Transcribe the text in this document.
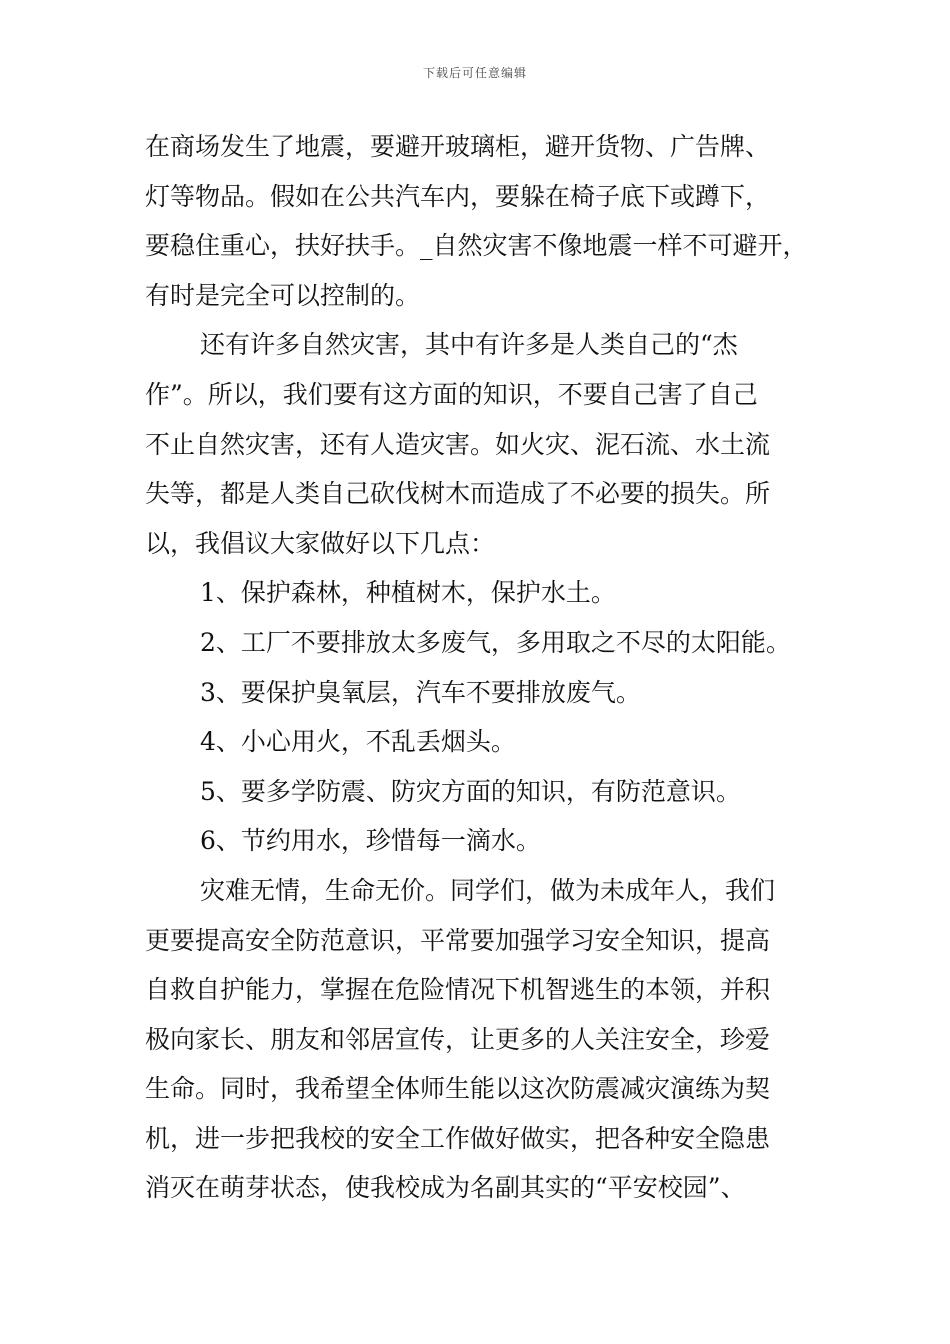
下载后可任意编辑
在商场发生了地震，要避开玻璃柜，避开货物、广告牌、
灯等物品。假如在公共汽车内，要躲在椅子底下或蹲下，
要稳住重心，扶好扶手。_自然灾害不像地震一样不可避开，
有时是完全可以控制的。
还有许多自然灾害，其中有许多是人类自己的“杰
作”。所以，我们要有这方面的知识，不要自己害了自己
不止自然灾害，还有人造灾害。如火灾、泥石流、水土流
失等，都是人类自己砍伐树木而造成了不必要的损失。所
以，我倡议大家做好以下几点：
1、保护森林，种植树木，保护水土。
2、工厂不要排放太多废气，多用取之不尽的太阳能。
3、要保护臭氧层，汽车不要排放废气。
4、小心用火，不乱丢烟头。
5、要多学防震、防灾方面的知识，有防范意识。
6、节约用水，珍惜每一滴水。
灾难无情，生命无价。同学们，做为未成年人，我们
更要提高安全防范意识，平常要加强学习安全知识，提高
自救自护能力，掌握在危险情况下机智逃生的本领，并积
极向家长、朋友和邻居宣传，让更多的人关注安全，珍爱
生命。同时，我希望全体师生能以这次防震减灾演练为契
机，进一步把我校的安全工作做好做实，把各种安全隐患
消灭在萌芽状态，使我校成为名副其实的“平安校园”、
